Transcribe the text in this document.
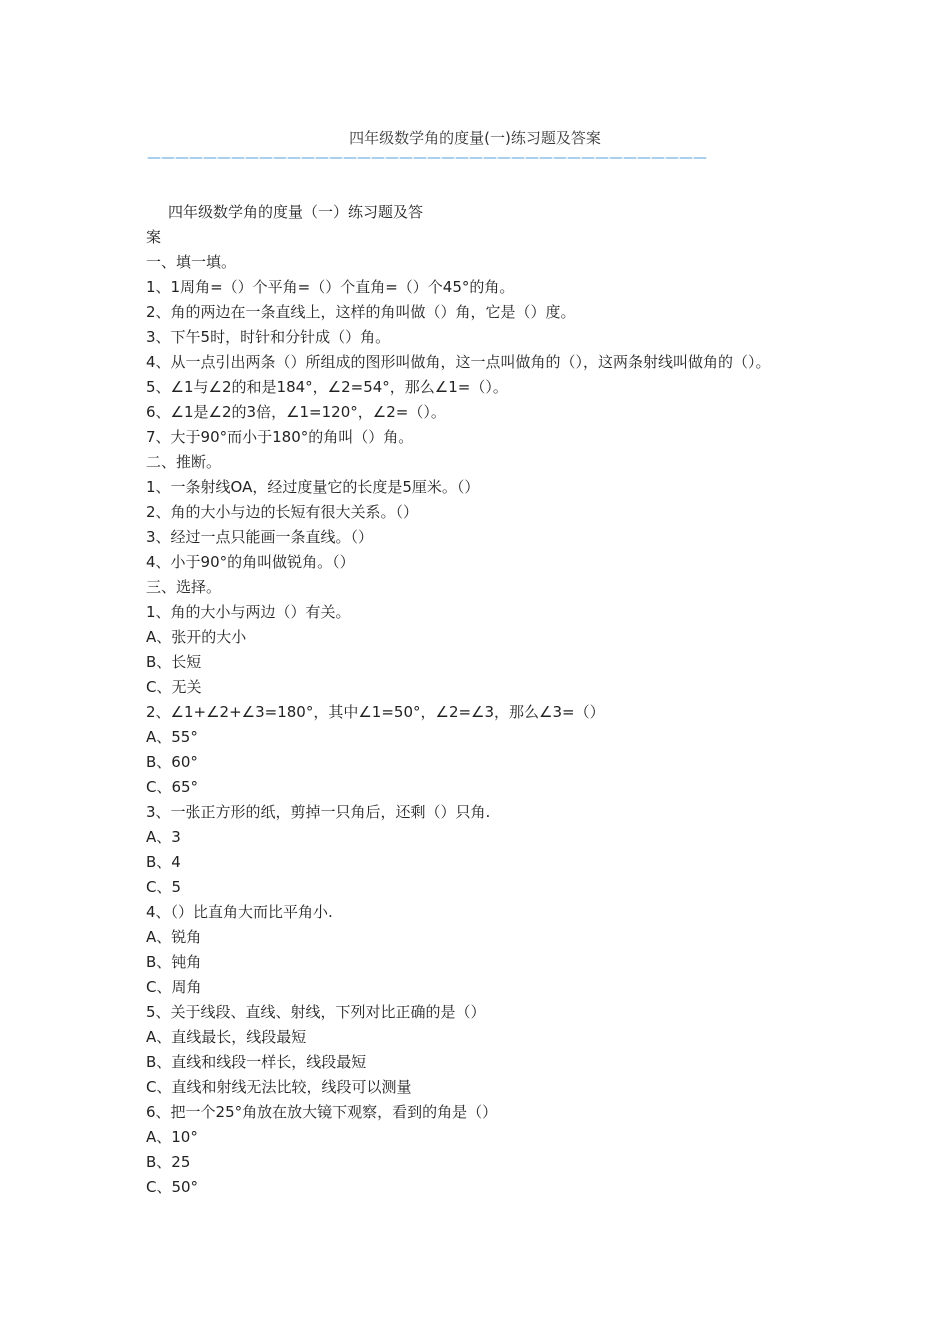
四年级数学角的度量(一)练习题及答案
————————————————————————————————————————
四年级数学角的度量（一）练习题及答
案
一、填一填。
1、1周角=（）个平角=（）个直角=（）个45°的角。
2、角的两边在一条直线上，这样的角叫做（）角，它是（）度。
3、下午5时，时针和分针成（）角。
4、从一点引出两条（）所组成的图形叫做角，这一点叫做角的（），这两条射线叫做角的（）。
5、∠1与∠2的和是184°，∠2=54°，那么∠1=（）。
6、∠1是∠2的3倍，∠1=120°，∠2=（）。
7、大于90°而小于180°的角叫（）角。
二、推断。
1、一条射线OA，经过度量它的长度是5厘米。（）
2、角的大小与边的长短有很大关系。（）
3、经过一点只能画一条直线。（）
4、小于90°的角叫做锐角。（）
三、选择。
1、角的大小与两边（）有关。
A、张开的大小
B、长短
C、无关
2、∠1+∠2+∠3=180°，其中∠1=50°，∠2=∠3，那么∠3=（）
A、55°
B、60°
C、65°
3、一张正方形的纸，剪掉一只角后，还剩（）只角.
A、3
B、4
C、5
4、（）比直角大而比平角小.
A、锐角
B、钝角
C、周角
5、关于线段、直线、射线，下列对比正确的是（）
A、直线最长，线段最短
B、直线和线段一样长，线段最短
C、直线和射线无法比较，线段可以测量
6、把一个25°角放在放大镜下观察，看到的角是（）
A、10°
B、25
C、50°
